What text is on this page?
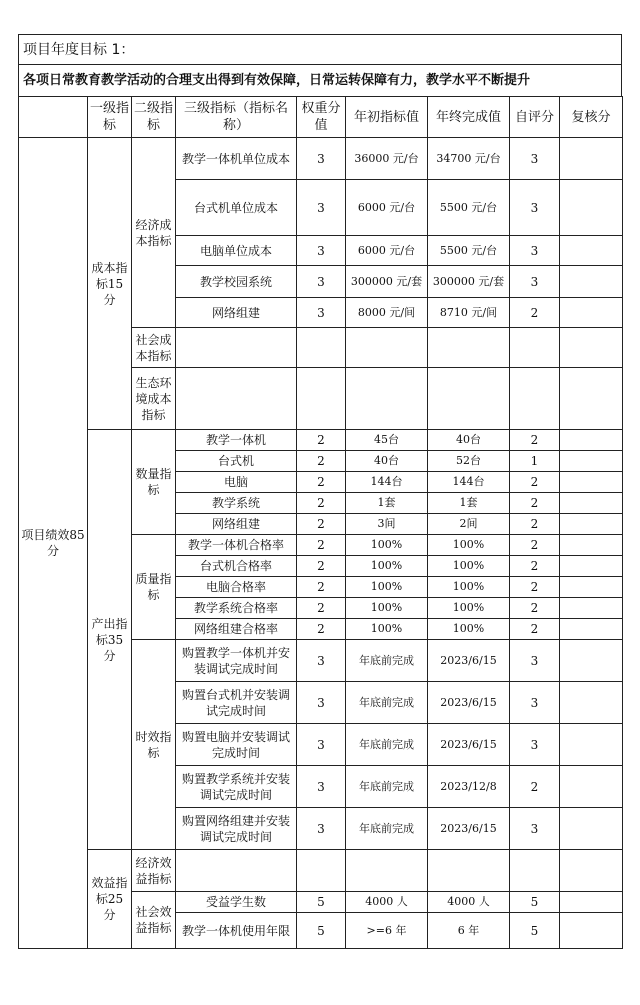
项目年度目标 1：
各项日常教育教学活动的合理支出得到有效保障，日常运转保障有力，教学水平不断提升
	一级指标	二级指标	三级指标（指标名称）	权重分值	年初指标值	年终完成值	自评分	复核分
项目绩效85 分	成本指标15 分	经济成本指标	教学一体机单位成本	3	36000 元/台	34700 元/台	3	
			台式机单位成本	3	6000 元/台	5500 元/台	3	
			电脑单位成本	3	6000 元/台	5500 元/台	3	
			教学校园系统	3	300000 元/套	300000 元/套	3	
			网络组建	3	8000 元/间	8710 元/间	2	
		社会成本指标						
		生态环境成本指标						
	产出指标35 分	数量指标	教学一体机	2	45台	40台	2	
			台式机	2	40台	52台	1	
			电脑	2	144台	144台	2	
			教学系统	2	1套	1套	2	
			网络组建	2	3间	2间	2	
		质量指标	教学一体机合格率	2	100%	100%	2	
			台式机合格率	2	100%	100%	2	
			电脑合格率	2	100%	100%	2	
			教学系统合格率	2	100%	100%	2	
			网络组建合格率	2	100%	100%	2	
		时效指标	购置教学一体机并安装调试完成时间	3	年底前完成	2023/6/15	3	
			购置台式机并安装调试完成时间	3	年底前完成	2023/6/15	3	
			购置电脑并安装调试完成时间	3	年底前完成	2023/6/15	3	
			购置教学系统并安装调试完成时间	3	年底前完成	2023/12/8	2	
			购置网络组建并安装调试完成时间	3	年底前完成	2023/6/15	3	
	效益指标25 分	经济效益指标						
		社会效益指标	受益学生数	5	4000 人	4000 人	5	
			教学一体机使用年限	5	>=6 年	6 年	5	
